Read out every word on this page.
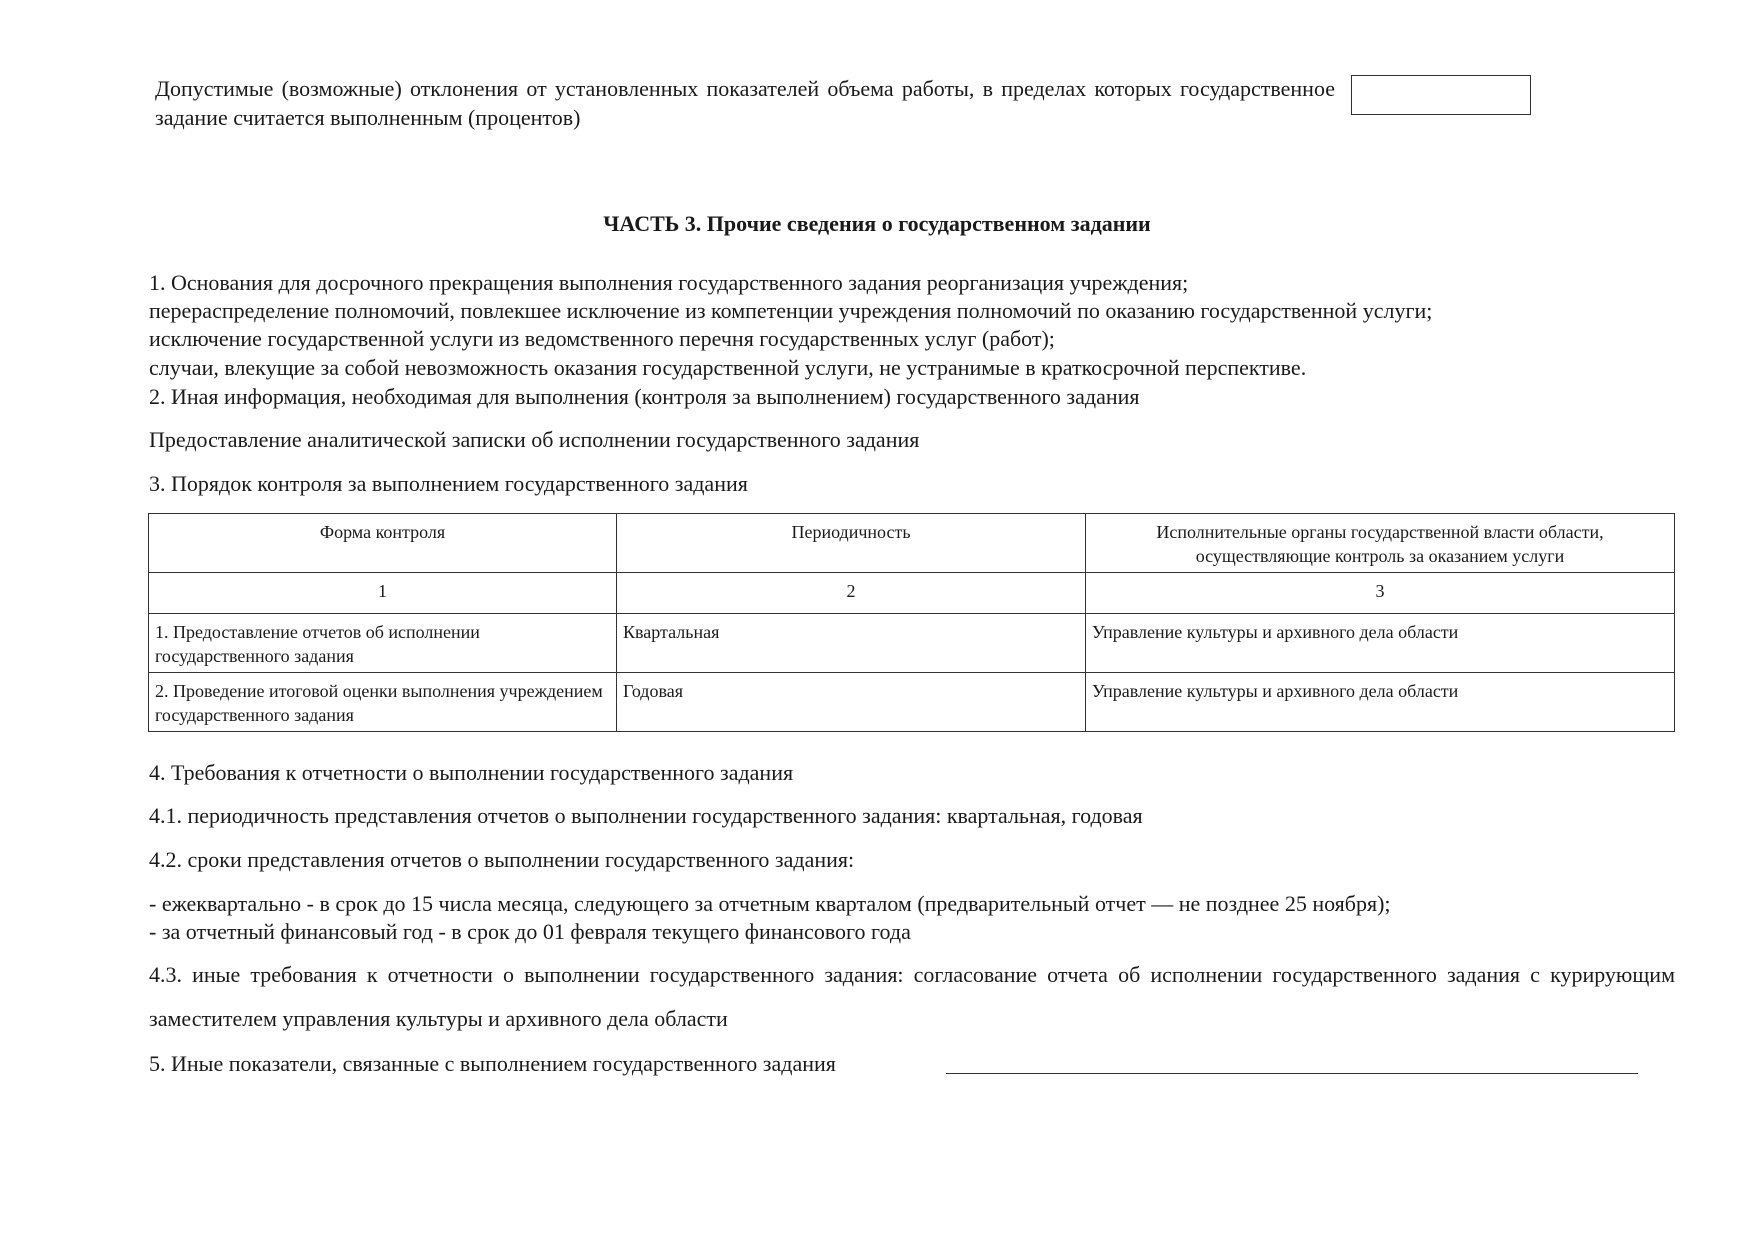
Допустимые (возможные) отклонения от установленных показателей объема работы, в пределах которых государственное задание считается выполненным (процентов)
ЧАСТЬ 3. Прочие сведения о государственном задании
1. Основания для досрочного прекращения выполнения государственного задания реорганизация учреждения;
перераспределение полномочий, повлекшее исключение из компетенции учреждения полномочий по оказанию государственной услуги;
исключение государственной услуги из ведомственного перечня государственных услуг (работ);
случаи, влекущие за собой невозможность оказания государственной услуги, не устранимые в краткосрочной перспективе.
2. Иная информация, необходимая для выполнения (контроля за выполнением) государственного задания
Предоставление аналитической записки об исполнении государственного задания
3. Порядок контроля за выполнением государственного задания
Форма контроля	Периодичность	Исполнительные органы государственной власти области, осуществляющие контроль за оказанием услуги
1	2	3
1. Предоставление отчетов об исполнении государственного задания	Квартальная	Управление культуры и архивного дела области
2. Проведение итоговой оценки выполнения учреждением государственного задания	Годовая	Управление культуры и архивного дела области
4. Требования к отчетности о выполнении государственного задания
4.1. периодичность представления отчетов о выполнении государственного задания: квартальная, годовая
4.2. сроки представления отчетов о выполнении государственного задания:
- ежеквартально - в срок до 15 числа месяца, следующего за отчетным кварталом (предварительный отчет — не позднее 25 ноября);
- за отчетный финансовый год - в срок до 01 февраля текущего финансового года
4.3. иные требования к отчетности о выполнении государственного задания: согласование отчета об исполнении государственного задания с курирующим заместителем управления культуры и архивного дела области
5. Иные показатели, связанные с выполнением государственного задания
